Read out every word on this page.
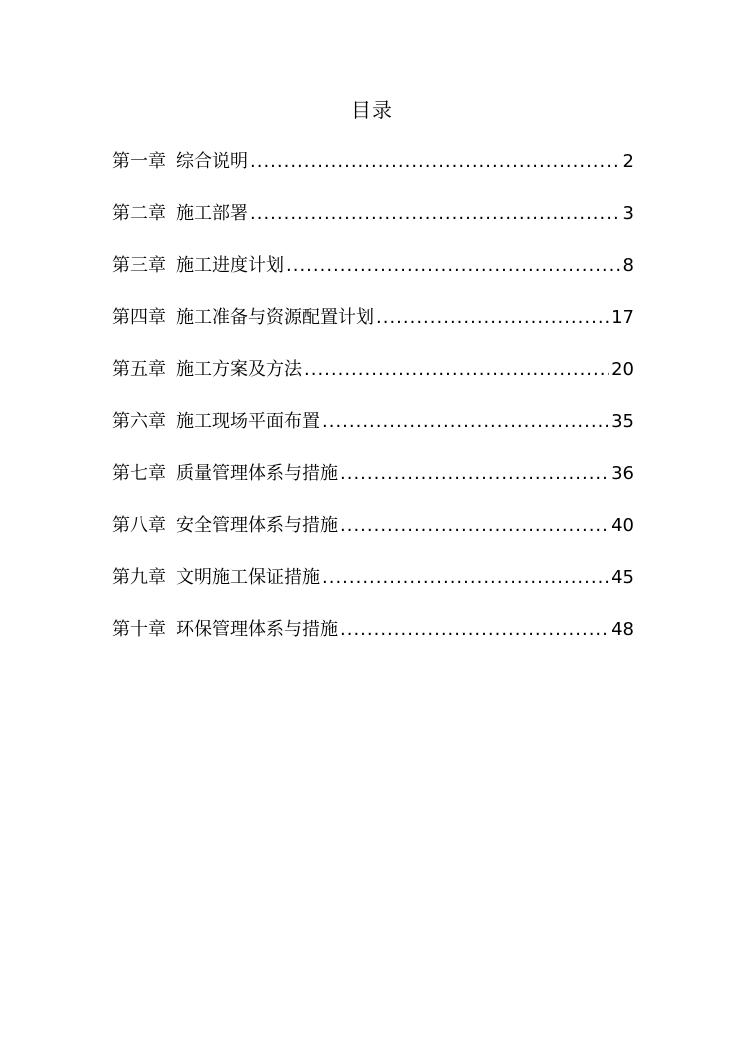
目录
第一章 综合说明 .....	2
第二章 施工部署 .....	3
第三章 施工进度计划 .....	8
第四章 施工准备与资源配置计划 .....	17
第五章 施工方案及方法 .....	20
第六章 施工现场平面布置 .....	35
第七章 质量管理体系与措施 .....	36
第八章 安全管理体系与措施 .....	40
第九章 文明施工保证措施 .....	45
第十章 环保管理体系与措施 .....	48
